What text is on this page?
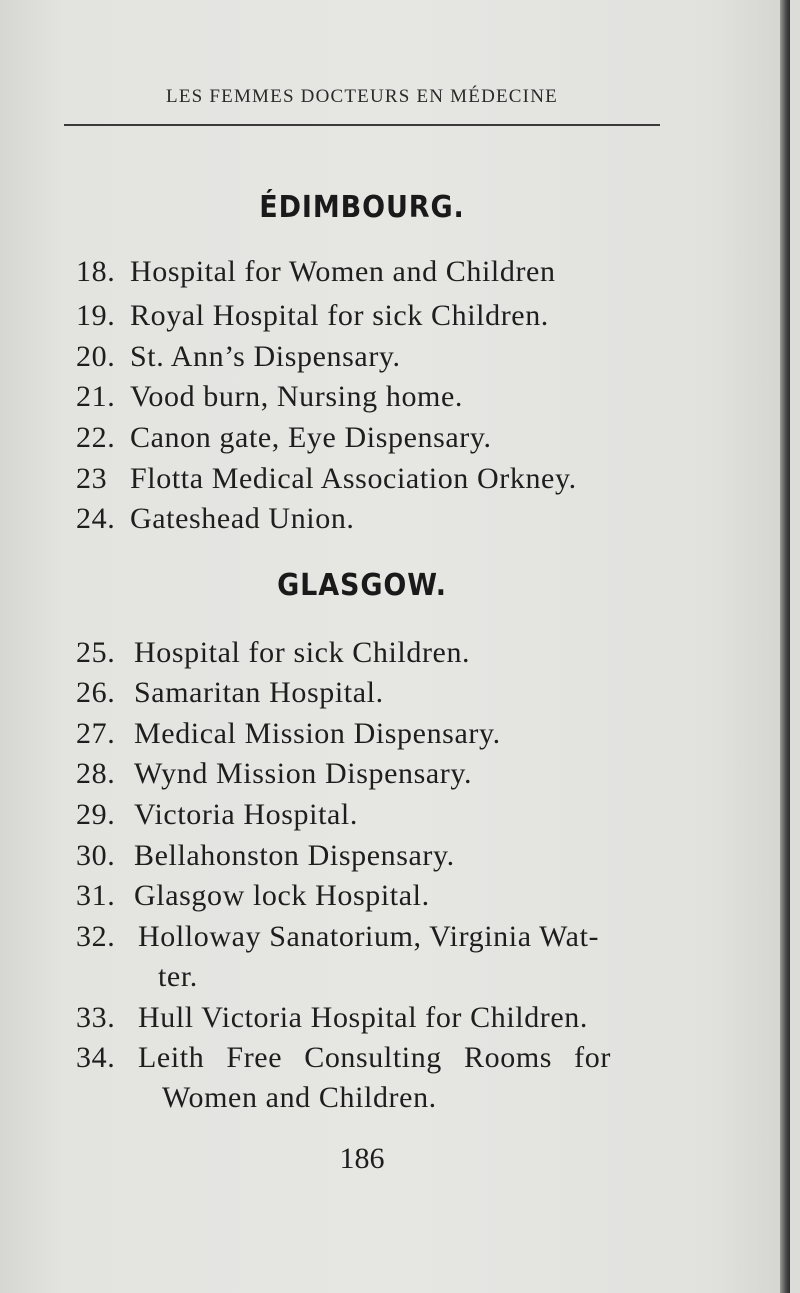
LES FEMMES DOCTEURS EN MÉDECINE
ÉDIMBOURG.
18. Hospital for Women and Children
19. Royal Hospital for sick Children.
20. St. Ann’s Dispensary.
21. Vood burn, Nursing home.
22. Canon gate, Eye Dispensary.
23 Flotta Medical Association Orkney.
24. Gateshead Union.
GLASGOW.
25. Hospital for sick Children.
26. Samaritan Hospital.
27. Medical Mission Dispensary.
28. Wynd Mission Dispensary.
29. Victoria Hospital.
30. Bellahonston Dispensary.
31. Glasgow lock Hospital.
32. Holloway Sanatorium, Virginia Wat-
ter.
33. Hull Victoria Hospital for Children.
34. Leith Free Consulting Rooms for
Women and Children.
186
